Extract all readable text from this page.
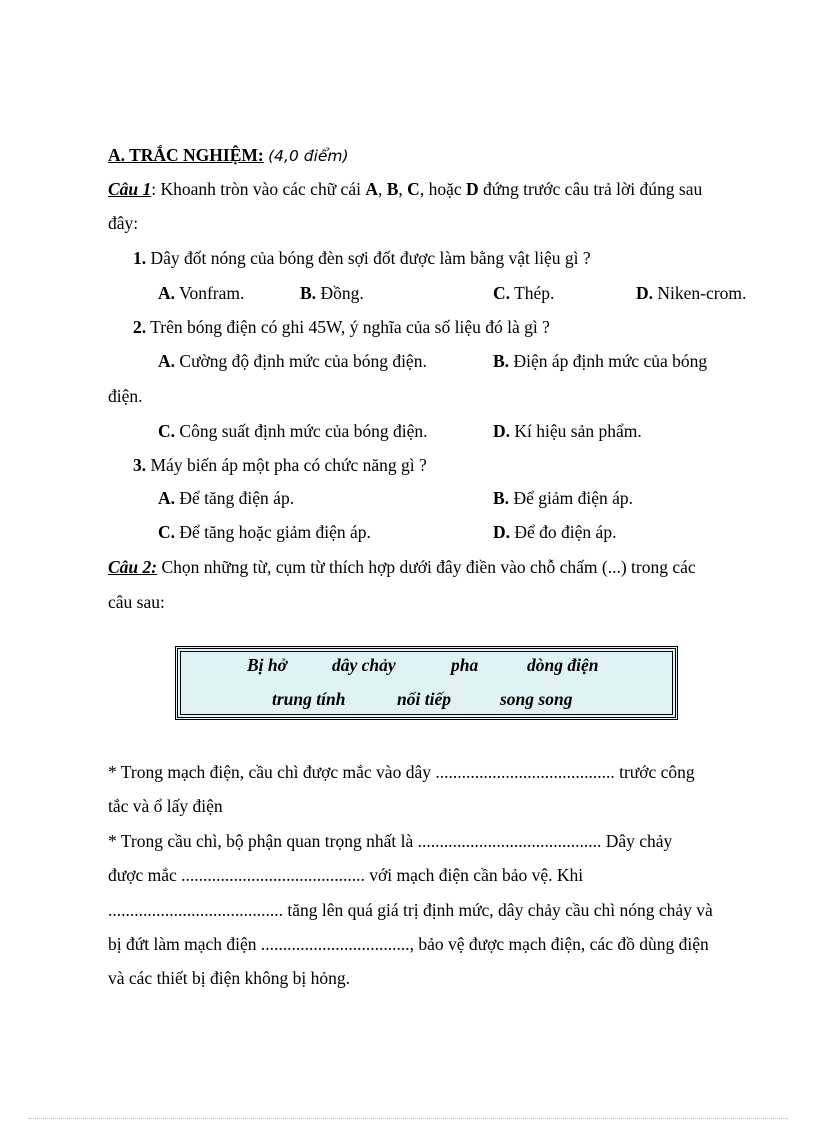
A. TRẮC NGHIỆM: (4,0 điểm)
Câu 1: Khoanh tròn vào các chữ cái A, B, C, hoặc D đứng trước câu trả lời đúng sau
đây:
1. Dây đốt nóng của bóng đèn sợi đốt được làm bằng vật liệu gì ?
A. Vonfram.	B. Đồng.	C. Thép.	D. Niken-crom.
2. Trên bóng điện có ghi 45W, ý nghĩa của số liệu đó là gì ?
A. Cường độ định mức của bóng điện.	B. Điện áp định mức của bóng
điện.
C. Công suất định mức của bóng điện.	D. Kí hiệu sản phẩm.
3. Máy biến áp một pha có chức năng gì ?
A. Để tăng điện áp.	B. Để giảm điện áp.
C. Để tăng hoặc giảm điện áp.	D. Để đo điện áp.
Câu 2: Chọn những từ, cụm từ thích hợp dưới đây điền vào chỗ chấm (...) trong các
câu sau:
Bị hở	dây chảy	pha	dòng điện
trung tính	nối tiếp	song song
* Trong mạch điện, cầu chì được mắc vào dây ......................................... trước công
tắc và ổ lấy điện
* Trong cầu chì, bộ phận quan trọng nhất là .......................................... Dây chảy
được mắc .......................................... với mạch điện cần bảo vệ. Khi
........................................ tăng lên quá giá trị định mức, dây chảy cầu chì nóng chảy và
bị đứt làm mạch điện .................................., bảo vệ được mạch điện, các đồ dùng điện
và các thiết bị điện không bị hỏng.
